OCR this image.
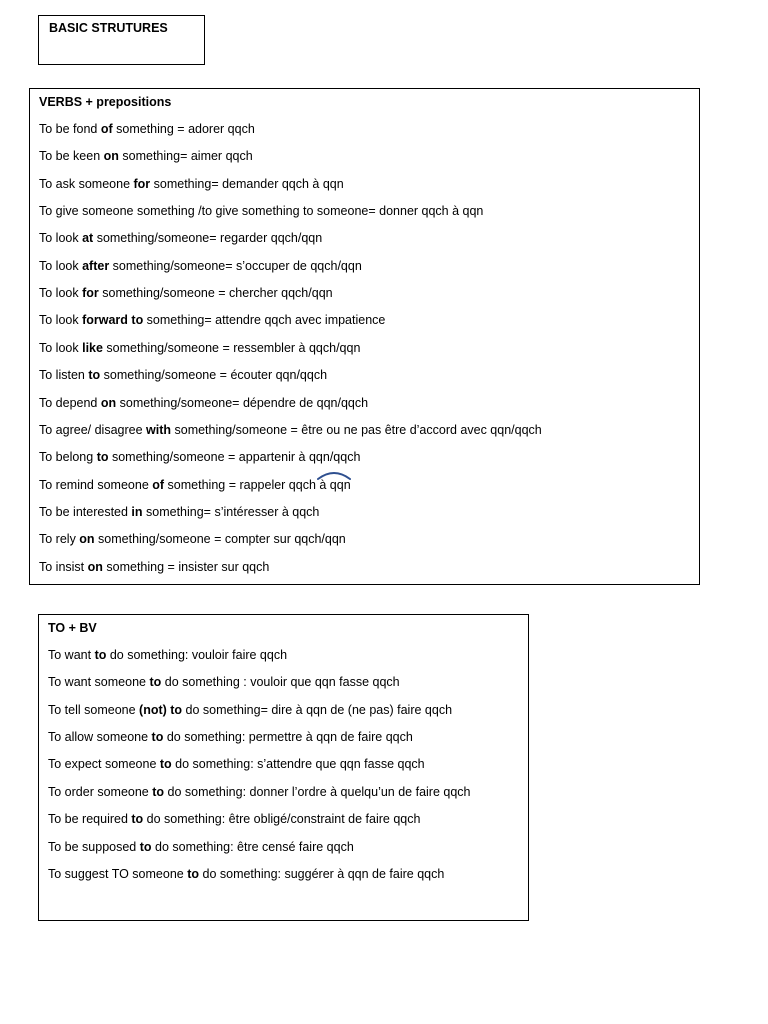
BASIC STRUTURES
VERBS + prepositions
To be fond of something = adorer qqch
To be keen on something= aimer qqch
To ask someone for something= demander qqch à qqn
To give someone something /to give something to someone= donner qqch à qqn
To look at something/someone= regarder qqch/qqn
To look after something/someone= s’occuper de qqch/qqn
To look for something/someone = chercher qqch/qqn
To look forward to something= attendre qqch avec impatience
To look like something/someone = ressembler à qqch/qqn
To listen to something/someone = écouter qqn/qqch
To depend on something/someone= dépendre de qqn/qqch
To agree/ disagree with something/someone = être ou ne pas être d’accord avec qqn/qqch
To belong to something/someone = appartenir à qqn/qqch
To remind someone of something = rappeler qqch à qqn
To be interested in something= s’intéresser à qqch
To rely on something/someone = compter sur qqch/qqn
To insist on something = insister sur qqch
TO + BV
To want to do something: vouloir faire qqch
To want someone to do something : vouloir que qqn fasse qqch
To tell someone (not) to do something= dire à qqn de (ne pas) faire qqch
To allow someone to do something: permettre à qqn de faire qqch
To expect someone to do something: s’attendre que qqn fasse qqch
To order someone to do something: donner l’ordre à quelqu’un de faire qqch
To be required to do something: être obligé/constraint de faire qqch
To be supposed to do something: être censé faire qqch
To suggest TO someone to do something: suggérer à qqn de faire qqch
